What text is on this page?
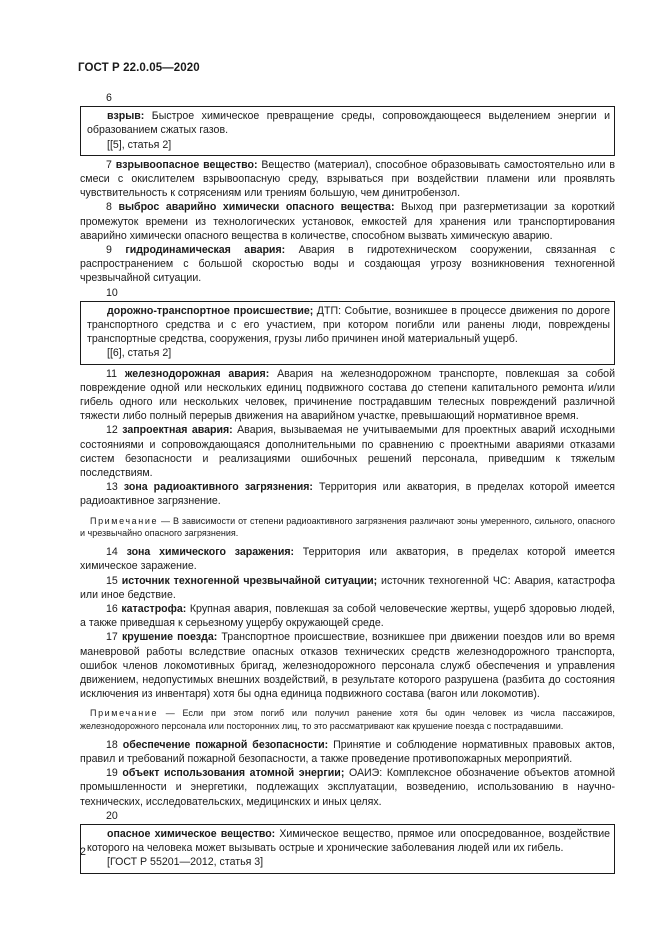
ГОСТ Р 22.0.05—2020

6

взрыв: Быстрое химическое превращение среды, сопровождающееся выделением энергии и образованием сжатых газов.

[[5], статья 2]

7 взрывоопасное вещество: Вещество (материал), способное образовывать самостоятельно или в смеси с окислителем взрывоопасную среду, взрываться при воздействии пламени или проявлять чувствительность к сотрясениям или трениям большую, чем динитробензол.

8 выброс аварийно химически опасного вещества: Выход при разгерметизации за короткий промежуток времени из технологических установок, емкостей для хранения или транспортирования аварийно химически опасного вещества в количестве, способном вызвать химическую аварию.

9 гидродинамическая авария: Авария в гидротехническом сооружении, связанная с распространением с большой скоростью воды и создающая угрозу возникновения техногенной чрезвычайной ситуации.

10

дорожно-транспортное происшествие; ДТП: Событие, возникшее в процессе движения по дороге транспортного средства и с его участием, при котором погибли или ранены люди, повреждены транспортные средства, сооружения, грузы либо причинен иной материальный ущерб.

[[6], статья 2]

11 железнодорожная авария: Авария на железнодорожном транспорте, повлекшая за собой повреждение одной или нескольких единиц подвижного состава до степени капитального ремонта и/или гибель одного или нескольких человек, причинение пострадавшим телесных повреждений различной тяжести либо полный перерыв движения на аварийном участке, превышающий нормативное время.

12 запроектная авария: Авария, вызываемая не учитываемыми для проектных аварий исходными состояниями и сопровождающаяся дополнительными по сравнению с проектными авариями отказами систем безопасности и реализациями ошибочных решений персонала, приведшим к тяжелым последствиям.

13 зона радиоактивного загрязнения: Территория или акватория, в пределах которой имеется радиоактивное загрязнение.

Примечание — В зависимости от степени радиоактивного загрязнения различают зоны умеренного, сильного, опасного и чрезвычайно опасного загрязнения.

14 зона химического заражения: Территория или акватория, в пределах которой имеется химическое заражение.

15 источник техногенной чрезвычайной ситуации; источник техногенной ЧС: Авария, катастрофа или иное бедствие.

16 катастрофа: Крупная авария, повлекшая за собой человеческие жертвы, ущерб здоровью людей, а также приведшая к серьезному ущербу окружающей среде.

17 крушение поезда: Транспортное происшествие, возникшее при движении поездов или во время маневровой работы вследствие опасных отказов технических средств железнодорожного транспорта, ошибок членов локомотивных бригад, железнодорожного персонала служб обеспечения и управления движением, недопустимых внешних воздействий, в результате которого разрушена (разбита до состояния исключения из инвентаря) хотя бы одна единица подвижного состава (вагон или локомотив).

Примечание — Если при этом погиб или получил ранение хотя бы один человек из числа пассажиров, железнодорожного персонала или посторонних лиц, то это рассматривают как крушение поезда с пострадавшими.

18 обеспечение пожарной безопасности: Принятие и соблюдение нормативных правовых актов, правил и требований пожарной безопасности, а также проведение противопожарных мероприятий.

19 объект использования атомной энергии; ОАИЭ: Комплексное обозначение объектов атомной промышленности и энергетики, подлежащих эксплуатации, возведению, использованию в научно-технических, исследовательских, медицинских и иных целях.

20

опасное химическое вещество: Химическое вещество, прямое или опосредованное, воздействие которого на человека может вызывать острые и хронические заболевания людей или их гибель.

[ГОСТ Р 55201—2012, статья 3]

2
